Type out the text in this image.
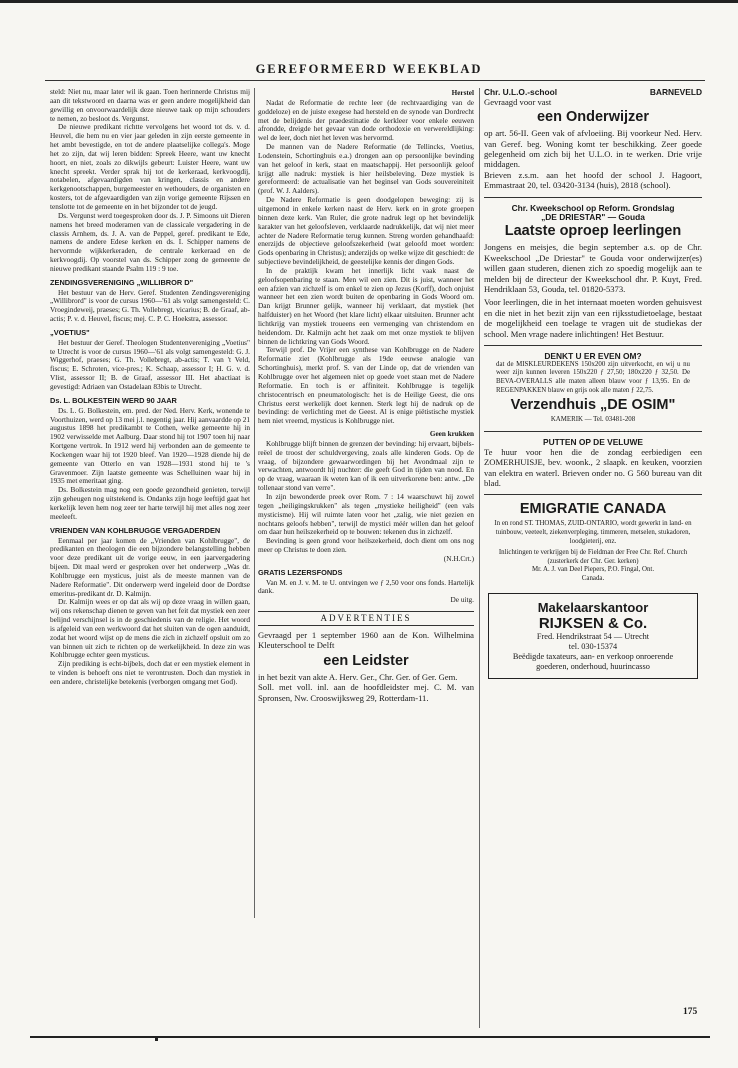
GEREFORMEERD WEEKBLAD

steld: Niet nu, maar later wil ik gaan. Toen herinnerde Christus mij aan dit tekstwoord en daarna was er geen andere mogelijkheid dan gewillig en onvoorwaardelijk deze nieuwe taak op mijn schouders te nemen, zo besloot ds. Vergunst.

De nieuwe predikant richtte vervolgens het woord tot ds. v. d. Heuvel, die hem nu en vier jaar geleden in zijn eerste gemeente in het ambt bevestigde, en tot de andere plaatselijke collega's. Moge het zo zijn, dat wij leren bidden: Spreek Heere, want uw knecht hoort, en niet, zoals zo dikwijls gebeurt: Luister Heere, want uw knecht spreekt. Verder sprak hij tot de kerkeraad, kerkvoogdij, notabelen, afgevaardigden van kringen, classis en andere kerkgenootschappen, burgemeester en wethouders, de organisten en kosters, tot de afgevaardigden van zijn vorige gemeente Rijssen en tenslotte tot de gemeente en in het bijzonder tot de jeugd.

Ds. Vergunst werd toegesproken door ds. J. P. Simoons uit Dieren namens het breed moderamen van de classicale vergadering in de classis Arnhem, ds. J. A. van de Peppel, geref. predikant te Ede, namens de andere Edese kerken en ds. I. Schipper namens de hervormde wijkkerkeraden, de centrale kerkeraad en de kerkvoogdij. Op voorstel van ds. Schipper zong de gemeente de nieuwe predikant staande Psalm 119 : 9 toe.

ZENDINGSVERENIGING „WILLIBROR D"

Het bestuur van de Herv. Geref. Studenten Zendingsvereniging „Willibrord" is voor de cursus 1960—'61 als volgt samengesteld: C. Vroegindeweij, praeses; G. Th. Vollebregt, vicarius; B. de Graaf, ab-actis; P. v. d. Heuvel, fiscus; mej. C. P. C. Hoekstra, assessor.

„VOETIUS"

Het bestuur der Geref. Theologen Studentenvereniging „Voetius" te Utrecht is voor de cursus 1960—'61 als volgt samengesteld: G. J. Wiggerhof, praeses; G. Th. Vollebregt, ab-actis; T. van 't Veld, fiscus; E. Schroten, vice-pres.; K. Schaap, assessor I; H. G. v. d. Vlist, assessor II; B. de Graaf, assessor III. Het abactiaat is gevestigd: Adriaen van Ostadelaan 83bis te Utrecht.

Ds. L. BOLKESTEIN WERD 90 JAAR

Ds. L. G. Bolkestein, em. pred. der Ned. Herv. Kerk, wonende te Voorthuizen, werd op 13 mei j.l. negentig jaar. Hij aanvaardde op 21 augustus 1898 het predikambt te Cothen, welke gemeente hij in 1902 verwisselde met Aalburg. Daar stond hij tot 1907 toen hij naar Kortgene vertrok. In 1912 werd hij verbonden aan de gemeente te Kockengen waar hij tot 1920 bleef. Van 1920—1928 diende hij de gemeente van Otterlo en van 1928—1931 stond hij te 's Gravenmoer. Zijn laatste gemeente was Schelluinen waar hij in 1935 met emeritaat ging.

Ds. Bolkestein mag nog een goede gezondheid genieten, terwijl zijn geheugen nog uitstekend is. Ondanks zijn hoge leeftijd gaat het kerkelijk leven hem nog zeer ter harte terwijl hij met alles nog zeer meeleeft.

VRIENDEN VAN KOHLBRUGGE VERGADERDEN

Eenmaal per jaar komen de „Vrienden van Kohlbrugge", de predikanten en theologen die een bijzondere belangstelling hebben voor deze predikant uit de vorige eeuw, in een jaarvergadering bijeen. Dit maal werd er gesproken over het onderwerp „Was dr. Kohlbrugge een mysticus, juist als de meeste mannen van de Nadere Reformatie". Dit onderwerp werd ingeleid door de Dordtse emeritus-predikant dr. D. Kalmijn.

Dr. Kalmijn wees er op dat als wij op deze vraag in willen gaan, wij ons rekenschap dienen te geven van het feit dat mystiek een zeer belijnd verschijnsel is in de geschiedenis van de religie. Het woord is afgeleid van een werkwoord dat het sluiten van de ogen aanduidt, zodat het woord wijst op de mens die zich in zichzelf opsluit om zo van binnen uit zich te richten op de werkelijkheid. In deze zin was Kohlbrugge echter geen mysticus.

Zijn prediking is echt-bijbels, doch dat er een mystiek element in te vinden is behoeft ons niet te verontrusten. Doch dan mystiek in een andere, christelijke betekenis (verborgen omgang met God).

Herstel

Nadat de Reformatie de rechte leer (de rechtvaardiging van de goddeloze) en de juiste exegese had hersteld en de synode van Dordrecht met de belijdenis der praedestinatie de kerkleer voor enkele eeuwen afrondde, dreigde het gevaar van dode orthodoxie en verwereldlijking: wel de leer, doch niet het leven was hervormd.

De mannen van de Nadere Reformatie (de Tellincks, Voetius, Lodenstein, Schortinghuis e.a.) drongen aan op persoonlijke bevinding van het geloof in kerk, staat en maatschappij. Het persoonlijk geloof krijgt alle nadruk: mystiek is hier heilsbeleving. Deze mystiek is gereformeerd: de actualisatie van het beginsel van Gods souvereiniteit (prof. W. J. Aalders).

De Nadere Reformatie is geen doodgelopen beweging: zij is uitgemond in enkele kerken naast de Herv. kerk en in grote groepen binnen deze kerk. Van Ruler, die grote nadruk legt op het bevindelijk karakter van het geloofsleven, verklaarde nadrukkelijk, dat wij niet meer achter de Nadere Reformatie terug kunnen. Streng worden gehandhaafd: enerzijds de objectieve geloofszekerheid (wat geloofd moet worden: Gods openbaring in Christus); anderzijds op welke wijze dit geschiedt: de subjectieve bevindelijkheid, de geestelijke kennis der dingen Gods.

In de praktijk kwam het innerlijk licht vaak naast de geloofsopenbaring te staan. Men wil een zien. Dit is juist, wanneer het een afzien van zichzelf is om enkel te zien op Jezus (Korff), doch onjuist wanneer het een zien wordt buiten de openbaring in Gods Woord om. Dan krijgt Brunner gelijk, wanneer hij verklaart, dat mystiek (het halfduister) en het Woord (het klare licht) elkaar uitsluiten. Brunner acht lichtkrijg van mystiek troueens een vermenging van christendom en heidendom. Dr. Kalmijn acht het zaak om met onze mystiek te blijven binnen de lichtkring van Gods Woord.

Terwijl prof. De Vrijer een synthese van Kohlbrugge en de Nadere Reformatie ziet (Kohlbrugge als 19de eeuwse analogie van Schortinghuis), merkt prof. S. van der Linde op, dat de vrienden van Kohlbrugge over het algemeen niet op goede voet staan met de Nadere Reformatie. En toch is er affiniteit. Kohlbrugge is tegelijk christocentrisch en pneumatologisch: het is de Heilige Geest, die ons Christus eerst werkelijk doet kennen. Sterk legt hij de nadruk op de bevinding: de verlichting met de Geest. Al is enige piëtistische mystiek hem niet vreemd, mysticus is Kohlbrugge niet.

Geen krukken

Kohlbrugge blijft binnen de grenzen der bevinding: hij ervaart, bijbels-reëel de troost der schuldvergeving, zoals alle kinderen Gods. Op de vraag, of bijzondere gewaarwordingen bij het Avondmaal zijn te verwachten, antwoordt hij nuchter: die geeft God in tijden van nood. En op de vraag, waaraan ik weten kan of ik een uitverkorene ben: antw. „De tollenaar stond van verre".

In zijn bewonderde preek over Rom. 7 : 14 waarschuwt hij zowel tegen „heiligingskrukken" als tegen „mystieke heiligheid" (een vals mysticisme). Hij wil ruimte laten voor het „zalig, wie niet gezien en nochtans geloofs hebben", terwijl de mystici méér willen dan het geloof om daar hun heilszekerheid op te bouwen: tekenen dus in zichzelf.

Bevinding is geen grond voor heilszekerheid, doch dient om ons nog meer op Christus te doen zien.

(N.H.Crt.)
GRATIS LEZERSFONDS

Van M. en J. v. M. te U. ontvingen we ƒ 2,50 voor ons fonds. Hartelijk dank.

De uitg.
ADVERTENTIES
Gevraagd per 1 september 1960 aan de Kon. Wilhelmina Kleuterschool te Delft
een Leidster
in het bezit van akte A. Herv. Ger., Chr. Ger. of Ger. Gem.
Soll. met voll. inl. aan de hoofdleidster mej. C. M. van Spronsen, Nw. Crooswijksweg 29, Rotterdam-11.
Chr. U.L.O.-school	BARNEVELD
Gevraagd voor vast
een Onderwijzer
op art. 56-II. Geen vak of afvloeiing. Bij voorkeur Ned. Herv. van Geref. beg. Woning komt ter beschikking. Zeer goede gelegenheid om zich bij het U.L.O. in te werken. Drie vrije middagen.
Brieven z.s.m. aan het hoofd der school J. Hagoort, Emmastraat 20, tel. 03420-3134 (huis), 2818 (school).
Chr. Kweekschool op Reform. Grondslag
„DE DRIESTAR" — Gouda
Laatste oproep leerlingen
Jongens en meisjes, die begin september a.s. op de Chr. Kweekschool „De Driestar" te Gouda voor onderwijzer(es) willen gaan studeren, dienen zich zo spoedig mogelijk aan te melden bij de directeur der Kweekschool dhr. P. Kuyt, Fred. Hendriklaan 53, Gouda, tel. 01820-5373.
Voor leerlingen, die in het internaat moeten worden gehuisvest en die niet in het bezit zijn van een rijksstudietoelage, bestaat de mogelijkheid een toelage te vragen uit de studiekas der school. Men vrage nadere inlichtingen! Het Bestuur.
DENKT U ER EVEN OM?
dat de MISKLEURDEKENS 150x200 zijn uitverkocht, en wij u nu weer zijn kunnen leveren 150x220 ƒ 27,50; 180x220 ƒ 32,50. De BEVA-OVERALLS alle maten alleen blauw voor ƒ 13,95. En de REGENPAKKEN blauw en grijs ook alle maten ƒ 22,75.
Verzendhuis „DE OSIM"
KAMERIK — Tel. 03481-208
PUTTEN OP DE VELUWE
Te huur voor hen die de zondag eerbiedigen een ZOMERHUISJE, bev. woonk., 2 slaapk. en keuken, voorzien van elektra en waterl. Brieven onder no. G 560 bureau van dit blad.
EMIGRATIE CANADA
In en rond ST. THOMAS, ZUID-ONTARIO, wordt gewerkt in land- en tuinbouw, veeteelt, ziekenverpleging, timmeren, metselen, stukadoren, loodgieterij, enz.
Inlichtingen te verkrijgen bij de Fieldman der Free Chr. Ref. Church (zusterkerk der Chr. Ger. kerken)
Mr. A. J. van Deel Piepers, P.O. Fingal, Ont. Canada.
Makelaarskantoor
RIJKSEN & Co.
Fred. Hendrikstraat 54 — Utrecht
tel. 030-15374
Beëdigde taxateurs, aan- en verkoop onroerende goederen, onderhoud, huurincasso
175
